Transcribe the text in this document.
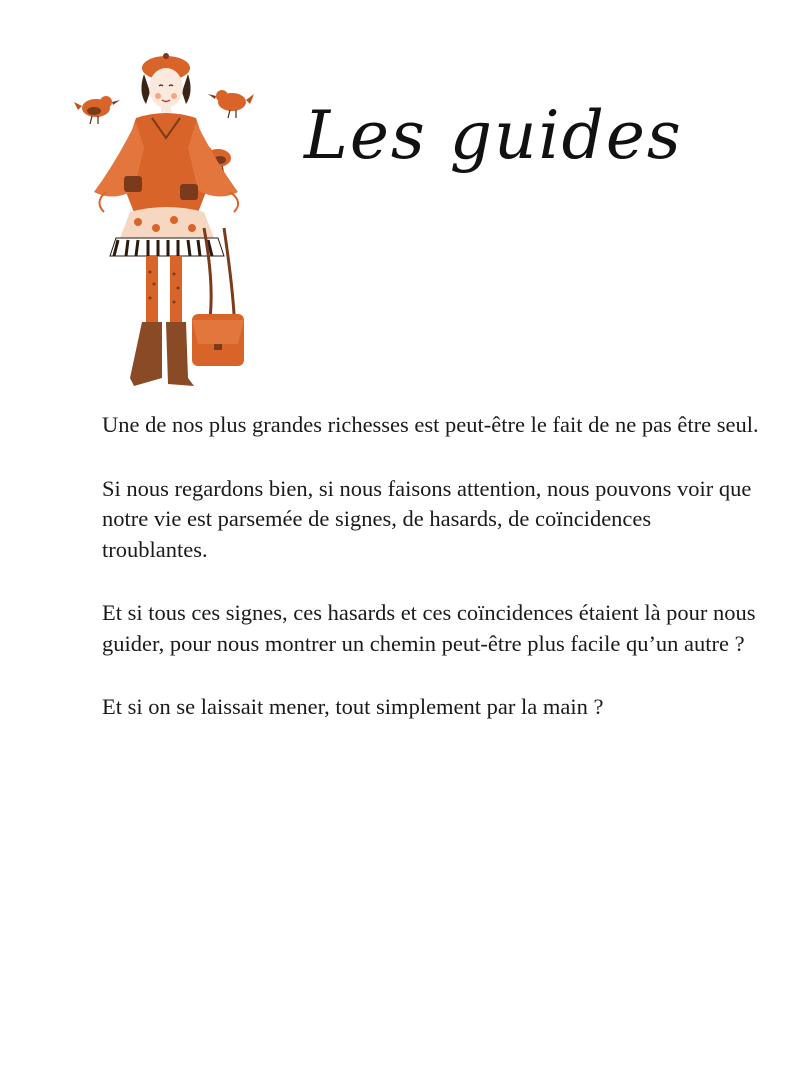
Les guides

Une de nos plus grandes richesses est peut-être le fait de ne pas être seul.

Si nous regardons bien, si nous faisons attention, nous pouvons voir que notre vie est parsemée de signes, de hasards, de coïncidences troublantes.

Et si tous ces signes, ces hasards et ces coïncidences étaient là pour nous guider, pour nous montrer un chemin peut-être plus facile qu’un autre ?

Et si on se laissait mener, tout simplement par la main ?
